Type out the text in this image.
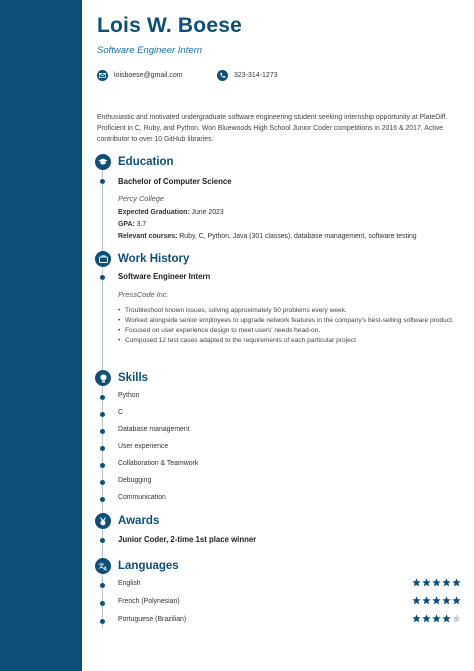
Lois W. Boese
Software Engineer Intern
loisboese@gmail.com	323-314-1273
Enthusiastic and motivated undergraduate software engineering student seeking internship opportunity at PlateDiff. Proficient in C, Ruby, and Python. Won Bluewoods High School Junior Coder competitions in 2016 & 2017. Active contributor to over 10 GitHub libraries.
Education
Bachelor of Computer Science
Percy College
Expected Graduation: June 2023
GPA: 3.7
Relevant courses: Ruby, C, Python, Java (301 classes), database management, software testing
Work History
Software Engineer Intern
PressCode Inc.
• Troubleshoot known issues, solving approximately 50 problems every week.
• Worked alongside senior employees to upgrade network features in the company's best-selling software product.
• Focused on user experience design to meet users' needs head-on.
• Composed 12 test cases adapted to the requirements of each particular project
Skills
Python
C
Database management
User experience
Collaboration & Teamwork
Debugging
Communication
Awards
Junior Coder, 2-time 1st place winner
文 A Languages
English
French (Polynesian)
Portuguese (Brazilian)
